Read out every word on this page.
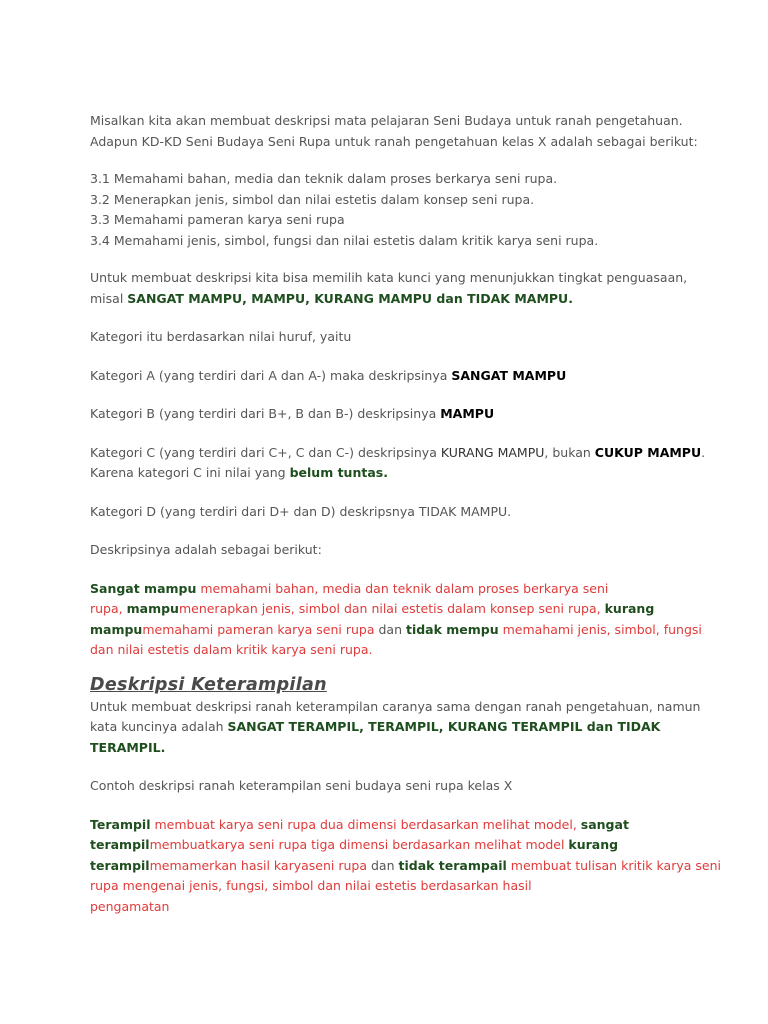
Misalkan kita akan membuat deskripsi mata pelajaran Seni Budaya untuk ranah pengetahuan.

Adapun KD-KD Seni Budaya Seni Rupa untuk ranah pengetahuan kelas X adalah sebagai berikut:

3.1 Memahami bahan, media dan teknik dalam proses berkarya seni rupa.

3.2 Menerapkan jenis, simbol dan nilai estetis dalam konsep seni rupa.

3.3 Memahami pameran karya seni rupa

3.4 Memahami jenis, simbol, fungsi dan nilai estetis dalam kritik karya seni rupa.

Untuk membuat deskripsi kita bisa memilih kata kunci yang menunjukkan tingkat penguasaan,

misal SANGAT MAMPU, MAMPU, KURANG MAMPU dan TIDAK MAMPU.

Kategori itu berdasarkan nilai huruf, yaitu

Kategori A (yang terdiri dari A dan A-) maka deskripsinya SANGAT MAMPU

Kategori B (yang terdiri dari B+, B dan B-) deskripsinya MAMPU

Kategori C (yang terdiri dari C+, C dan C-) deskripsinya KURANG MAMPU, bukan CUKUP MAMPU.

Karena kategori C ini nilai yang belum tuntas.

Kategori D (yang terdiri dari D+ dan D) deskripsnya TIDAK MAMPU.

Deskripsinya adalah sebagai berikut:

Sangat mampu memahami bahan, media dan teknik dalam proses berkarya seni

rupa, mampumenerapkan jenis, simbol dan nilai estetis dalam konsep seni rupa, kurang

mampumemahami pameran karya seni rupa dan tidak mempu memahami jenis, simbol, fungsi

dan nilai estetis dalam kritik karya seni rupa.

Deskripsi Keterampilan

Untuk membuat deskripsi ranah keterampilan caranya sama dengan ranah pengetahuan, namun

kata kuncinya adalah SANGAT TERAMPIL, TERAMPIL, KURANG TERAMPIL dan TIDAK TERAMPIL.

Contoh deskripsi ranah keterampilan seni budaya seni rupa kelas X

Terampil membuat karya seni rupa dua dimensi berdasarkan melihat model, sangat

terampilmembuatkarya seni rupa tiga dimensi berdasarkan melihat model kurang

terampilmemamerkan hasil karyaseni rupa dan tidak terampail membuat tulisan kritik karya seni

rupa mengenai jenis, fungsi, simbol dan nilai estetis berdasarkan hasil

pengamatan
